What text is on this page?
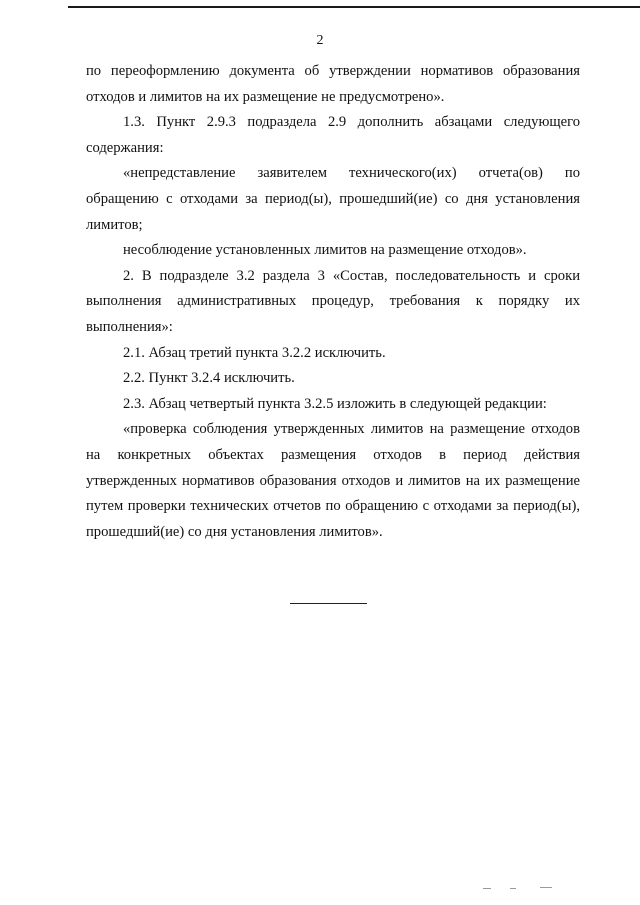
2

по переоформлению документа об утверждении нормативов образования отходов и лимитов на их размещение не предусмотрено».

1.3. Пункт 2.9.3 подраздела 2.9 дополнить абзацами следующего содержания:

«непредставление заявителем технического(их) отчета(ов) по обращению с отходами за период(ы), прошедший(ие) со дня установления лимитов;

несоблюдение установленных лимитов на размещение отходов».

2. В подразделе 3.2 раздела 3 «Состав, последовательность и сроки выполнения административных процедур, требования к порядку их выполнения»:

2.1. Абзац третий пункта 3.2.2 исключить.

2.2. Пункт 3.2.4 исключить.

2.3. Абзац четвертый пункта 3.2.5 изложить в следующей редакции:

«проверка соблюдения утвержденных лимитов на размещение отходов на конкретных объектах размещения отходов в период действия утвержденных нормативов образования отходов и лимитов на их размещение путем проверки технических отчетов по обращению с отходами за период(ы), прошедший(ие) со дня установления лимитов».
